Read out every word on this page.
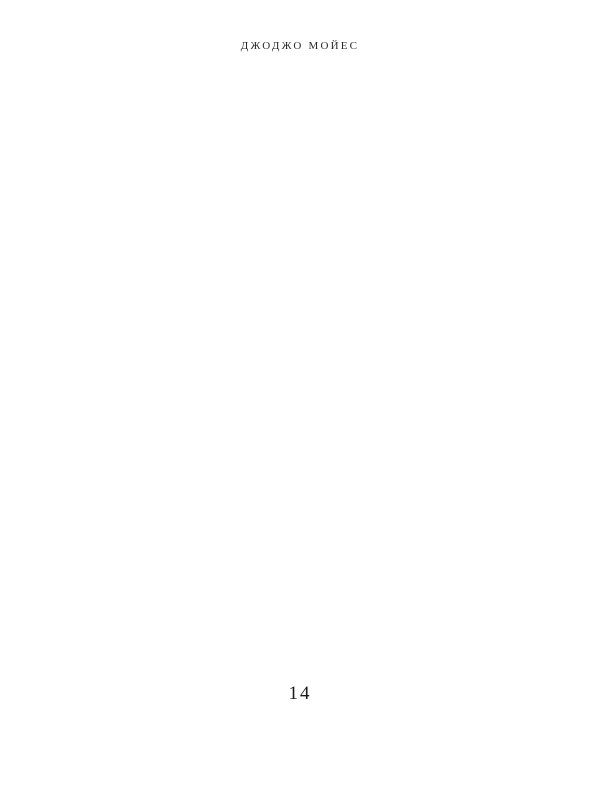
ДЖОДЖО МОЙЕС
14
